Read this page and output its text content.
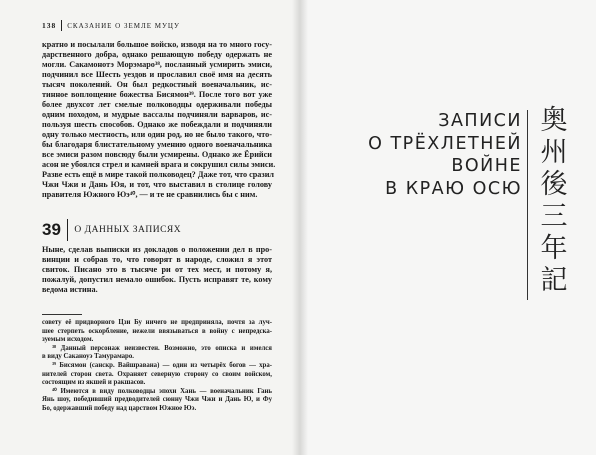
138 СКАЗАНИЕ О ЗЕМЛЕ МУЦУ
кратно и посылали большое войско, изводя на то много госу-
дарственного добра, однако решающую победу одержать не
могли. Сакамонотэ Морэмаро³⁸, посланный усмирить эмиси,
подчинил все Шесть уездов и прославил своё имя на десять
тысяч поколений. Он был редкостный военачальник, ис-
тинное воплощение божества Бисямон³⁹. После того вот уже
более двухсот лет смелые полководцы одерживали победы
одним походом, и мудрые вассалы подчиняли варваров, ис-
пользуя шесть способов. Однако же побеждали и подчиняли
одну только местность, или один род, но не было такого, что-
бы благодаря блистательному умению одного военачальника
все эмиси разом повсюду были усмирены. Однако же Ёрийси
асон не убоялся стрел и камней врага и сокрушил силы эмиси.
Разве есть ещё в мире такой полководец? Даже тот, что сразил
Чжи Чжи и Дань Юя, и тот, что выставил в столице голову
правителя Южного Юэ⁴⁰, — и те не сравнились бы с ним.
39 О ДАННЫХ ЗАПИСЯХ
Ныне, сделав выписки из докладов о положении дел в про-
винции и собрав то, что говорят в народе, сложил я этот
свиток. Писано это в тысяче ри от тех мест, и потому я,
пожалуй, допустил немало ошибок. Пусть исправят те, кому
ведома истина.
совету её придворного Цзи Бу ничего не предприняла, почтя за луч-
шее стерпеть оскорбление, нежели ввязываться в войну с непредска-
зуемым исходом.
³⁸ Данный персонаж неизвестен. Возможно, это описка и имелся
в виду Саканоуэ Тамурамаро.
³⁹ Бисямон (санскр. Вайшравана) — один из четырёх богов — хра-
нителей сторон света. Охраняет северную сторону со своим войском,
состоящим из якшей и ракшасов.
⁴⁰ Имеются в виду полководцы эпохи Хань — военачальник Гань
Янь шоу, победивший предводителей сюнну Чжи Чжи и Дань Ю, и Фу
Бо, одержавший победу над царством Южное Юэ.
ЗАПИСИ
О ТРЁХЛЕТНЕЙ
ВОЙНЕ
В КРАЮ ОСЮ
奥
州
後
三
年
記
